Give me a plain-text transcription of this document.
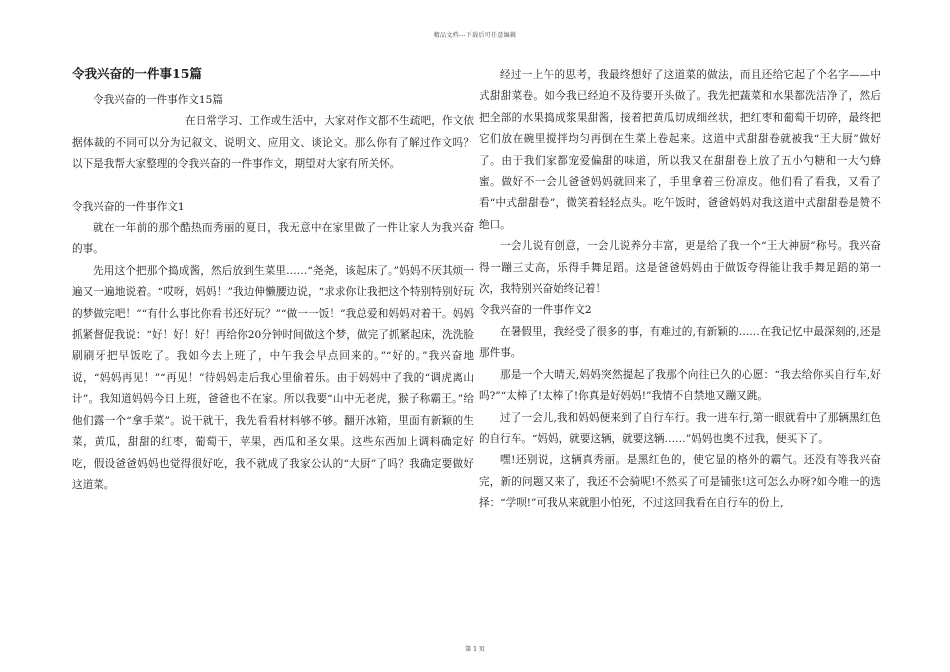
精品文档---下载后可任意编辑
令我兴奋的一件事15篇

令我兴奋的一件事作文15篇

在日常学习、工作或生活中，大家对作文都不生疏吧，作文依据体裁的不同可以分为记叙文、说明文、应用文、谈论文。那么你有了解过作文吗？以下是我帮大家整理的令我兴奋的一件事作文，期望对大家有所关怀。

令我兴奋的一件事作文1

就在一年前的那个酷热而秀丽的夏日，我无意中在家里做了一件让家人为我兴奋的事。

先用这个把那个捣成酱，然后放到生菜里……“尧尧，该起床了。”妈妈不厌其烦一遍又一遍地说着。“哎呀，妈妈！”我边伸懒腰边说，“求求你让我把这个特别特别好玩的梦做完吧！”“有什么事比你看书还好玩？”“做一一饭！”我总爱和妈妈对着干。妈妈抓紧督促我说：“好！好！好！再给你20分钟时间做这个梦，做完了抓紧起床，洗洗脸刷刷牙把早饭吃了。我如今去上班了，中午我会早点回来的。”“好的。”我兴奋地说，“妈妈再见！”“再见！”待妈妈走后我心里偷着乐。由于妈妈中了我的“调虎离山计”。我知道妈妈今日上班，爸爸也不在家。所以我要“山中无老虎，猴子称霸王。”给他们露一个“拿手菜”。说干就干，我先看看材料够不够。翻开冰箱，里面有新颖的生菜，黄瓜，甜甜的红枣，葡萄干，苹果，西瓜和圣女果。这些东西加上调料确定好吃，假设爸爸妈妈也觉得很好吃，我不就成了我家公认的“大厨”了吗？我确定要做好这道菜。

经过一上午的思考，我最终想好了这道菜的做法，而且还给它起了个名字——中式甜甜菜卷。如今我已经迫不及待要开头做了。我先把蔬菜和水果都洗洁净了，然后把全部的水果捣成浆果甜酱，接着把黄瓜切成细丝状，把红枣和葡萄干切碎，最终把它们放在碗里搅拌均匀再倒在生菜上卷起来。这道中式甜甜卷就被我“王大厨”做好了。由于我们家都宠爱偏甜的味道，所以我又在甜甜卷上放了五小勺糖和一大勺蜂蜜。做好不一会儿爸爸妈妈就回来了，手里拿着三份凉皮。他们看了看我，又看了看“中式甜甜卷”，微笑着轻轻点头。吃午饭时，爸爸妈妈对我这道中式甜甜卷是赞不绝口。

一会儿说有创意，一会儿说养分丰富，更是给了我一个“王大神厨”称号。我兴奋得一蹦三丈高，乐得手舞足蹈。这是爸爸妈妈由于做饭夸得能让我手舞足蹈的第一次，我特别兴奋始终记着！

令我兴奋的一件事作文2

在暑假里，我经受了很多的事，有难过的,有新颖的……在我记忆中最深刻的,还是那件事。

那是一个大晴天,妈妈突然提起了我那个向往已久的心愿：“我去给你买自行车,好吗?”“太棒了!太棒了!你真是好妈妈!”我情不自禁地又蹦又跳。

过了一会儿,我和妈妈便来到了自行车行。我一进车行,第一眼就看中了那辆黑红色的自行车。“妈妈，就要这辆，就要这辆……”妈妈也奥不过我，便买下了。

嘿!还别说，这辆真秀丽。是黑红色的，使它显的格外的霸气。还没有等我兴奋完，新的问题又来了，我还不会骑呢!不然买了可是铺张!这可怎么办呀?如今唯一的选择：“学呗!”可我从来就胆小怕死，不过这回我看在自行车的份上,

第 1 页
